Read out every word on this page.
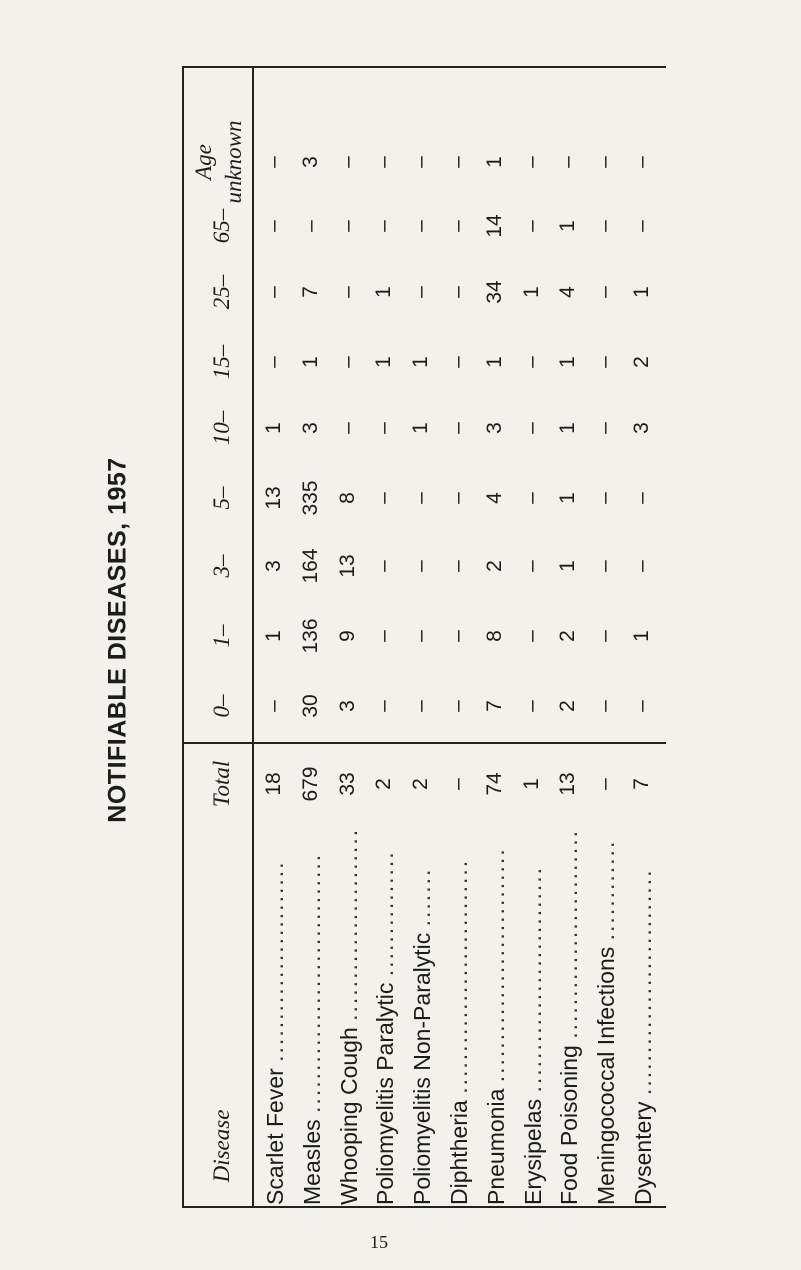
NOTIFIABLE DISEASES, 1957	Total
0–
1–
3–
5–
10–
15–
25–
65–
Age unknown
Disease Scarlet Fever ........................
18
–
1
3
13
1
–
–
–
–
Measles ...............................
679
30
136
164
335
3
1
7
–
3
Whooping Cough .......................
33
3
9
13
8
–
–
–
–
–
Poliomyelitis Paralytic ...............
2
–
–
–
–
–
1
1
–
–
Poliomyelitis Non-Paralytic .......
2
–
–
–
–
1
1
–
–
–
Diphtheria ............................
–
–
–
–
–
–
–
–
–
–
Pneumonia ............................
74
7
8
2
4
3
1
34
14
1
Erysipelas ...........................
1
–
–
–
–
–
–
1
–
–
Food Poisoning .........................
13
2
2
1
1
1
1
4
1
–
Meningococcal Infections ............
–
–
–
–
–
–
–
–
–
–
Dysentery ...........................
7
–
1
–
–
3
2
1
–
–
15
